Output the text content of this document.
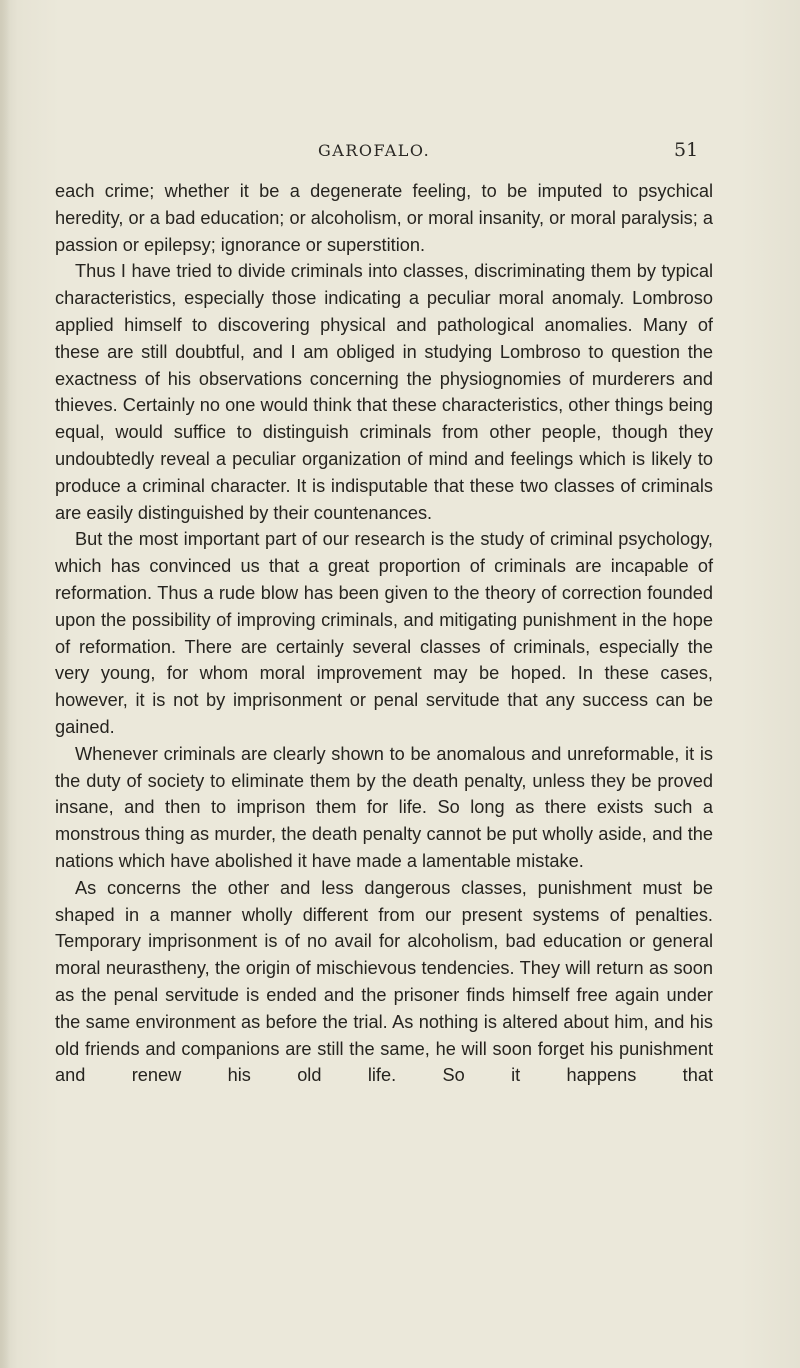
GAROFALO.	51

each crime; whether it be a degenerate feeling, to be imputed to psychical heredity, or a bad education; or alcoholism, or moral insanity, or moral paralysis; a passion or epilepsy; ignorance or superstition.

Thus I have tried to divide criminals into classes, discriminating them by typical characteristics, especially those indicating a peculiar moral anomaly. Lombroso applied himself to discovering physical and pathological anomalies. Many of these are still doubtful, and I am obliged in studying Lombroso to question the exactness of his observations concerning the physiognomies of murderers and thieves. Certainly no one would think that these characteristics, other things being equal, would suffice to distinguish criminals from other people, though they undoubtedly reveal a peculiar organization of mind and feelings which is likely to produce a criminal character. It is indisputable that these two classes of criminals are easily distinguished by their countenances.

But the most important part of our research is the study of criminal psychology, which has convinced us that a great proportion of criminals are incapable of reformation. Thus a rude blow has been given to the theory of correction founded upon the possibility of improving criminals, and mitigating punishment in the hope of reformation. There are certainly several classes of criminals, especially the very young, for whom moral improvement may be hoped. In these cases, however, it is not by imprisonment or penal servitude that any success can be gained.

Whenever criminals are clearly shown to be anomalous and unreformable, it is the duty of society to eliminate them by the death penalty, unless they be proved insane, and then to imprison them for life. So long as there exists such a monstrous thing as murder, the death penalty cannot be put wholly aside, and the nations which have abolished it have made a lamentable mistake.

As concerns the other and less dangerous classes, punishment must be shaped in a manner wholly different from our present systems of penalties. Temporary imprisonment is of no avail for alcoholism, bad education or general moral neurastheny, the origin of mischievous tendencies. They will return as soon as the penal servitude is ended and the prisoner finds himself free again under the same environment as before the trial. As nothing is altered about him, and his old friends and companions are still the same, he will soon forget his punishment and renew his old life. So it happens that
